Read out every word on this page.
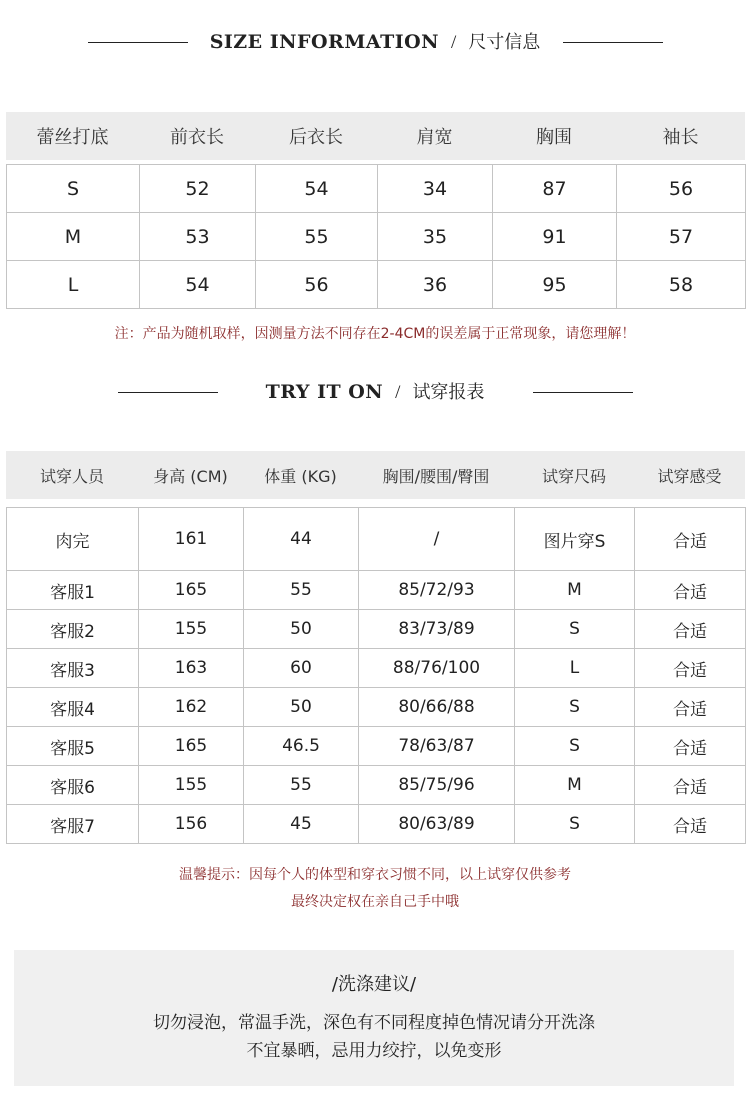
SIZE INFORMATION / 尺寸信息
蕾丝打底	前衣长	后衣长	肩宽	胸围	袖长
S	52	54	34	87	56
M	53	55	35	91	57
L	54	56	36	95	58
注：产品为随机取样，因测量方法不同存在2-4CM的误差属于正常现象，请您理解！
TRY IT ON / 试穿报表
试穿人员	身高 (CM)	体重 (KG)	胸围/腰围/臀围	试穿尺码	试穿感受
肉完	161	44	/	图片穿S	合适
客服1	165	55	85/72/93	M	合适
客服2	155	50	83/73/89	S	合适
客服3	163	60	88/76/100	L	合适
客服4	162	50	80/66/88	S	合适
客服5	165	46.5	78/63/87	S	合适
客服6	155	55	85/75/96	M	合适
客服7	156	45	80/63/89	S	合适
温馨提示：因每个人的体型和穿衣习惯不同，以上试穿仅供参考
最终决定权在亲自己手中哦
/洗涤建议/
切勿浸泡，常温手洗，深色有不同程度掉色情况请分开洗涤
不宜暴晒，忌用力绞拧，以免变形
